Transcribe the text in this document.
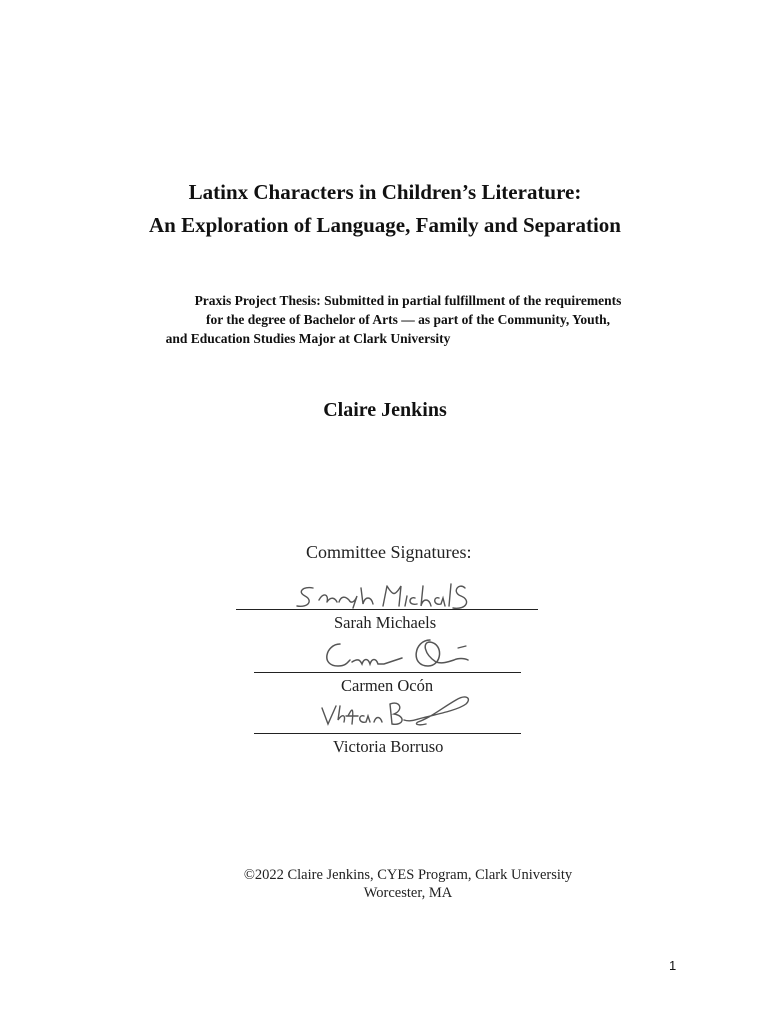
Latinx Characters in Children’s Literature:
An Exploration of Language, Family and Separation
Praxis Project Thesis: Submitted in partial fulfillment of the requirements
for the degree of Bachelor of Arts — as part of the Community, Youth,
and Education Studies Major at Clark University
Claire Jenkins
Committee Signatures:
Sarah Michaels
Carmen Ocón
Victoria Borruso
©2022 Claire Jenkins, CYES Program, Clark University
Worcester, MA
1
